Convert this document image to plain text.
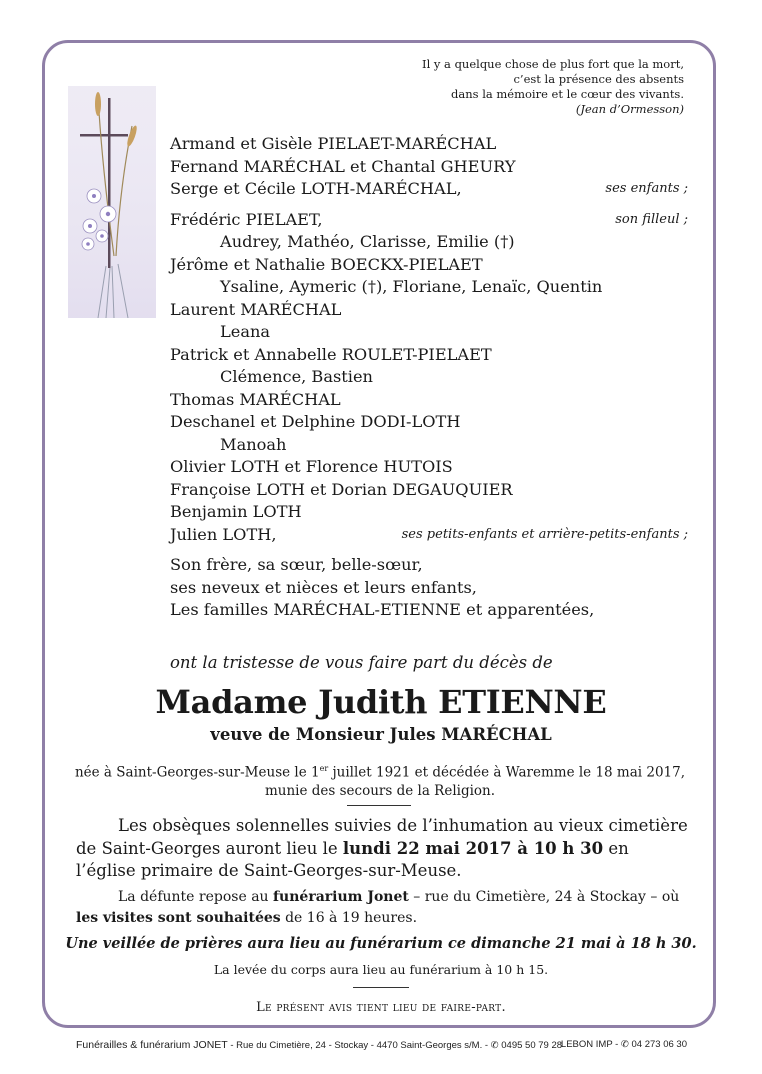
Il y a quelque chose de plus fort que la mort,
c’est la présence des absents
dans la mémoire et le cœur des vivants.
(Jean d’Ormesson)
Armand et Gisèle PIELAET-MARÉCHAL
Fernand MARÉCHAL et Chantal GHEURY
Serge et Cécile LOTH-MARÉCHAL,	ses enfants ;
Frédéric PIELAET,	son filleul ;
Audrey, Mathéo, Clarisse, Emilie (†)
Jérôme et Nathalie BOECKX-PIELAET
Ysaline, Aymeric (†), Floriane, Lenaïc, Quentin
Laurent MARÉCHAL
Leana
Patrick et Annabelle ROULET-PIELAET
Clémence, Bastien
Thomas MARÉCHAL
Deschanel et Delphine DODI-LOTH
Manoah
Olivier LOTH et Florence HUTOIS
Françoise LOTH et Dorian DEGAUQUIER
Benjamin LOTH
Julien LOTH,	ses petits-enfants et arrière-petits-enfants ;
Son frère, sa sœur, belle-sœur,
ses neveux et nièces et leurs enfants,
Les familles MARÉCHAL-ETIENNE et apparentées,
ont la tristesse de vous faire part du décès de
Madame Judith ETIENNE
veuve de Monsieur Jules MARÉCHAL
née à Saint-Georges-sur-Meuse le 1er juillet 1921 et décédée à Waremme le 18 mai 2017,
munie des secours de la Religion.
Les obsèques solennelles suivies de l’inhumation au vieux cimetière de Saint-Georges auront lieu le lundi 22 mai 2017 à 10 h 30 en l’église primaire de Saint-Georges-sur-Meuse.
La défunte repose au funérarium Jonet – rue du Cimetière, 24 à Stockay – où les visites sont souhaitées de 16 à 19 heures.
Une veillée de prières aura lieu au funérarium ce dimanche 21 mai à 18 h 30.
La levée du corps aura lieu au funérarium à 10 h 15.
Le présent avis tient lieu de faire-part.
Funérailles & funérarium JONET - Rue du Cimetière, 24 - Stockay - 4470 Saint-Georges s/M. - ✆ 0495 50 79 28
LEBON IMP - ✆ 04 273 06 30
